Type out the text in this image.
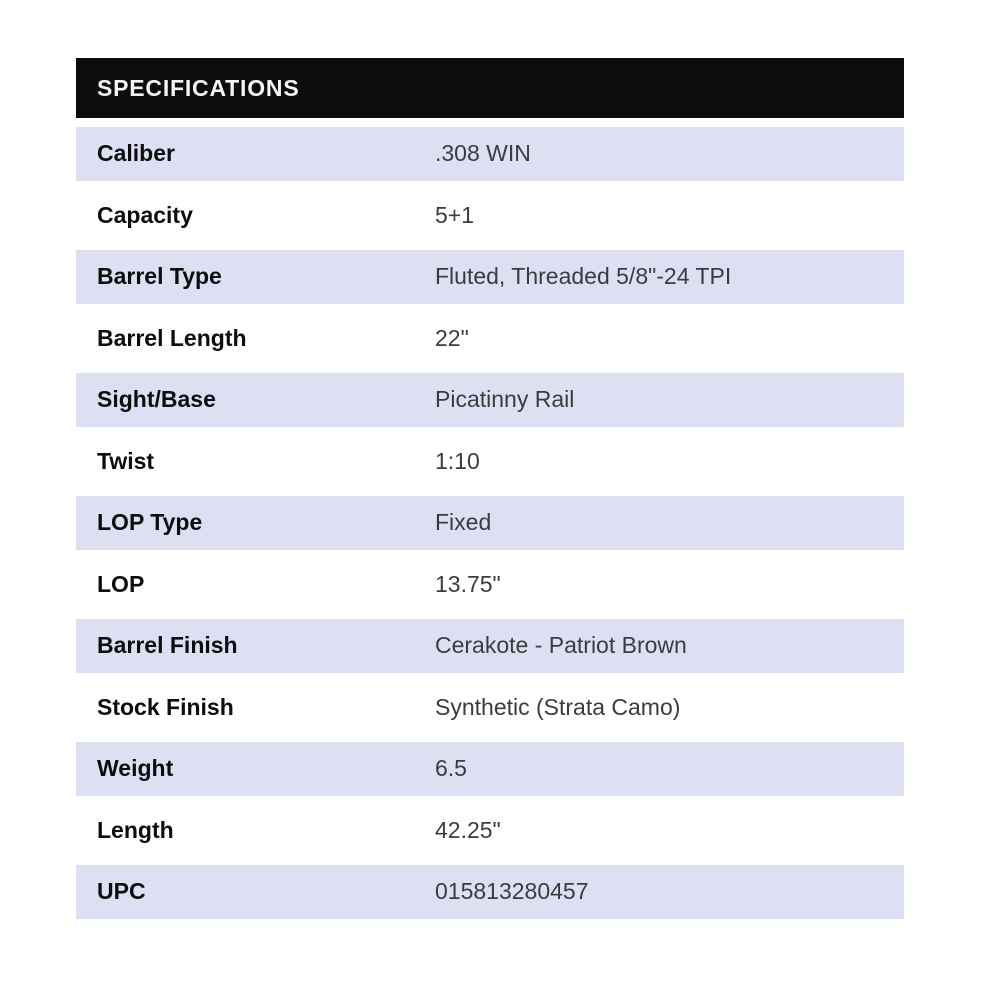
SPECIFICATIONS
Caliber	.308 WIN
Capacity	5+1
Barrel Type	Fluted, Threaded 5/8"-24 TPI
Barrel Length	22"
Sight/Base	Picatinny Rail
Twist	1:10
LOP Type	Fixed
LOP	13.75"
Barrel Finish	Cerakote - Patriot Brown
Stock Finish	Synthetic (Strata Camo)
Weight	6.5
Length	42.25"
UPC	015813280457
